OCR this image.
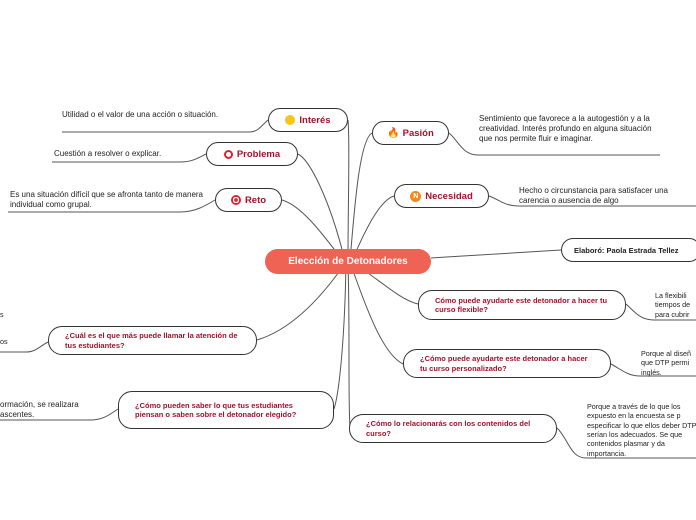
Elección de Detonadores
Elaboró: Paola Estrada Tellez
Interés
Problema
Reto
🔥 Pasión
N Necesidad
Utilidad o el valor de una acción o situación.
Cuestión a resolver o explicar.
Es una situación difícil que se afronta tanto de manera individual como grupal.
Sentimiento que favorece a la autogestión y a la creatividad. Interés profundo en alguna situación que nos permite fluir e imaginar.
Hecho o circunstancia para satisfacer una carencia o ausencia de algo
¿Cuál es el que más puede llamar la atención de tus estudiantes?
¿Cómo pueden saber lo que tus estudiantes piensan o saben sobre el detonador elegido?
Cómo puede ayudarte este detonador a hacer tu curso flexible?
¿Cómo puede ayudarte este detonador a hacer tu curso personalizado?
¿Cómo lo relacionarás con los contenidos del curso?
s
os
ormación, se realizara ascentes.
La flexibili tiempos de para cubrir
Porque al diseñ que DTP permi inglés.
Porque a través de lo que los expuesto en la encuesta se p especificar lo que ellos deber DTP serían los adecuados. Se que contenidos plasmar y da importancia.
